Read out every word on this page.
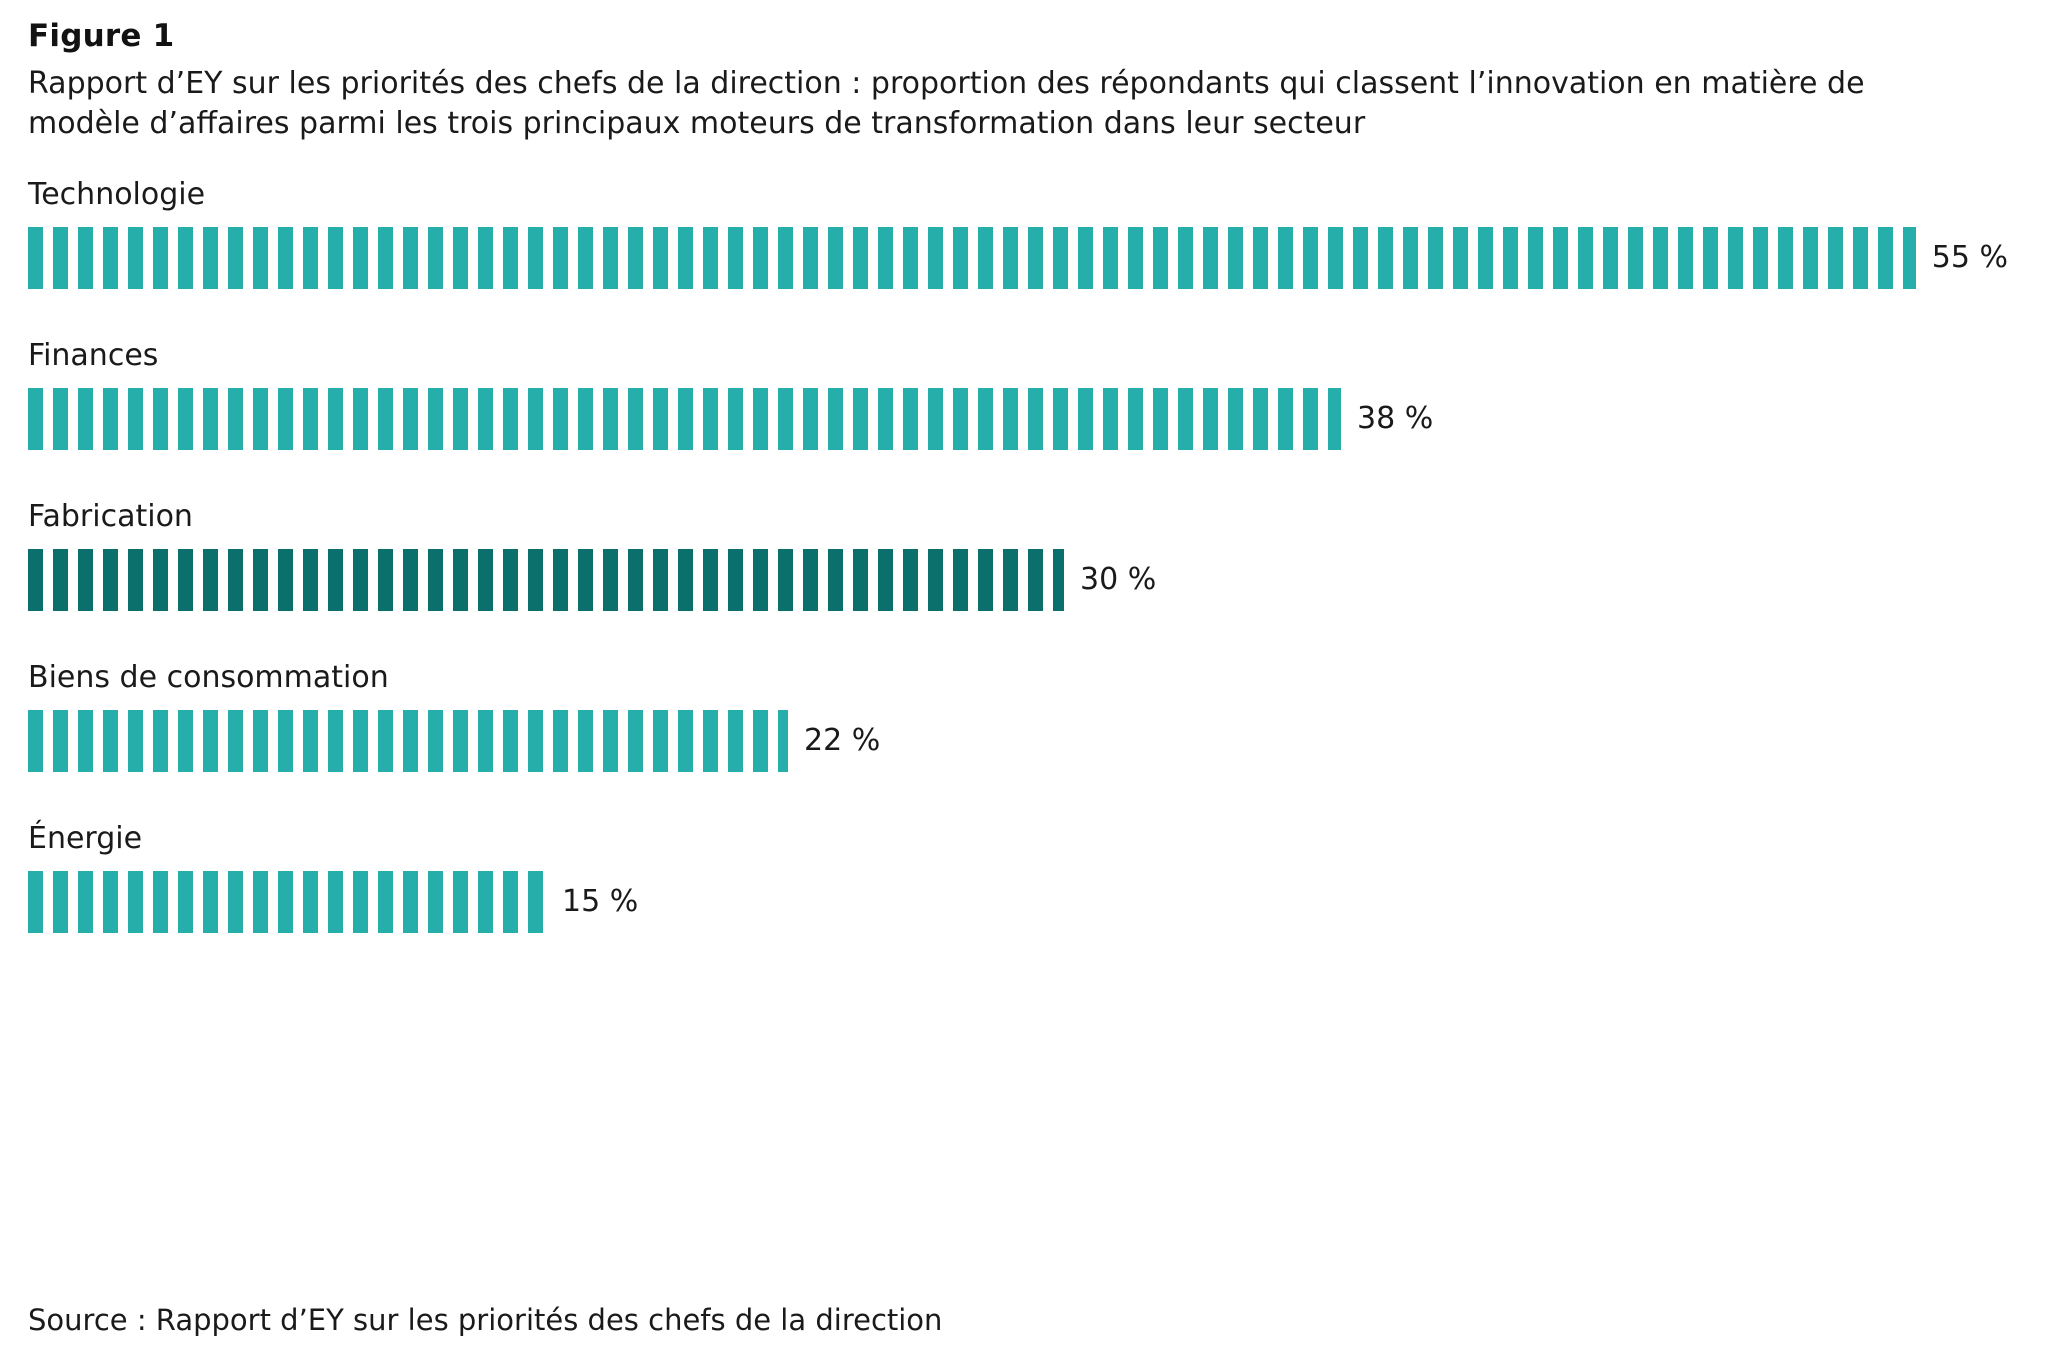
Figure 1
Rapport d’EY sur les priorités des chefs de la direction : proportion des répondants qui classent l’innovation en matière de modèle d’affaires parmi les trois principaux moteurs de transformation dans leur secteur
Technologie
55 %
Finances
38 %
Fabrication
30 %
Biens de consommation
22 %
Énergie
15 %
Source : Rapport d’EY sur les priorités des chefs de la direction
